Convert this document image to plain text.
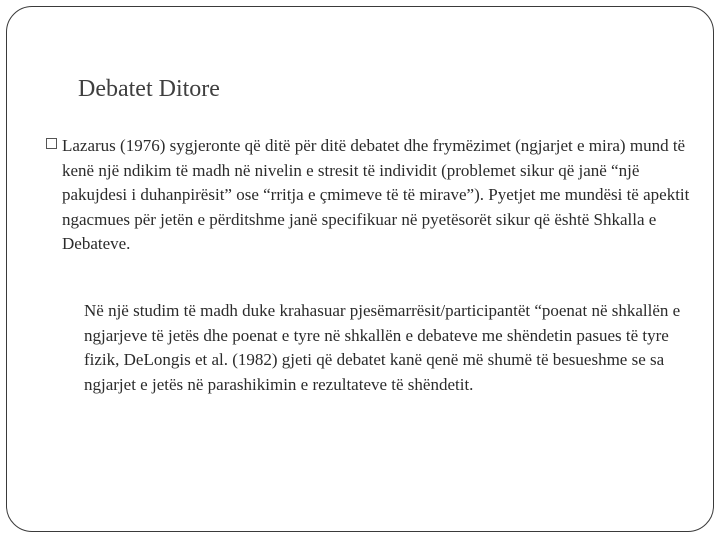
Debatet Ditore
Lazarus (1976) sygjeronte që ditë për ditë debatet dhe frymëzimet (ngjarjet e mira) mund të kenë një ndikim të madh në nivelin e stresit të individit (problemet sikur që janë “një pakujdesi i duhanpirësit” ose “rritja e çmimeve të të mirave”). Pyetjet me mundësi të apektit ngacmues për jetën e përditshme janë specifikuar në pyetësorët sikur që është Shkalla e Debateve.
Në një studim të madh duke krahasuar pjesëmarrësit/participantët “poenat në shkallën e ngjarjeve të jetës dhe poenat e tyre në shkallën e debateve me shëndetin pasues të tyre fizik, DeLongis et al. (1982) gjeti që debatet kanë qenë më shumë të besueshme se sa ngjarjet e jetës në parashikimin e rezultateve të shëndetit.
